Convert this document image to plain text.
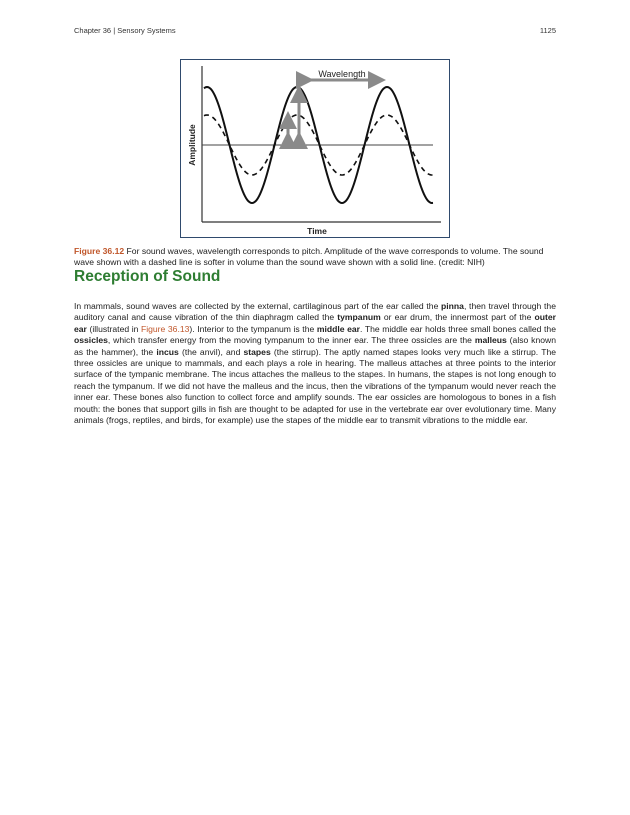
Chapter 36 | Sensory Systems	1125
Wavelength
Amplitude
Time
Figure 36.12 For sound waves, wavelength corresponds to pitch. Amplitude of the wave corresponds to volume. The sound wave shown with a dashed line is softer in volume than the sound wave shown with a solid line. (credit: NIH)
Reception of Sound

In mammals, sound waves are collected by the external, cartilaginous part of the ear called the pinna, then travel through the auditory canal and cause vibration of the thin diaphragm called the tympanum or ear drum, the innermost part of the outer ear (illustrated in Figure 36.13). Interior to the tympanum is the middle ear. The middle ear holds three small bones called the ossicles, which transfer energy from the moving tympanum to the inner ear. The three ossicles are the malleus (also known as the hammer), the incus (the anvil), and stapes (the stirrup). The aptly named stapes looks very much like a stirrup. The three ossicles are unique to mammals, and each plays a role in hearing. The malleus attaches at three points to the interior surface of the tympanic membrane. The incus attaches the malleus to the stapes. In humans, the stapes is not long enough to reach the tympanum. If we did not have the malleus and the incus, then the vibrations of the tympanum would never reach the inner ear. These bones also function to collect force and amplify sounds. The ear ossicles are homologous to bones in a fish mouth: the bones that support gills in fish are thought to be adapted for use in the vertebrate ear over evolutionary time. Many animals (frogs, reptiles, and birds, for example) use the stapes of the middle ear to transmit vibrations to the middle ear.
